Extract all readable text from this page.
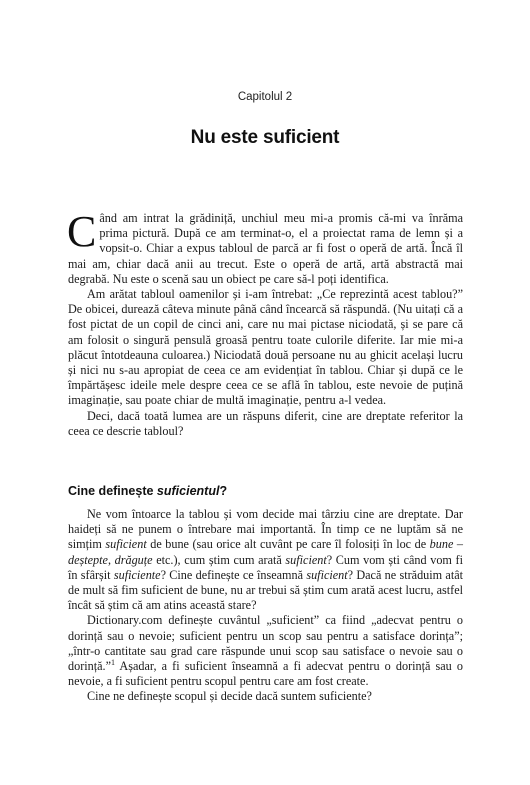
Capitolul 2
Nu este suficient

Când am intrat la grădiniță, unchiul meu mi-a promis că-mi va înrăma prima pictură. După ce am terminat-o, el a proiectat rama de lemn și a vopsit-o. Chiar a expus tabloul de parcă ar fi fost o operă de artă. Încă îl mai am, chiar dacă anii au trecut. Este o operă de artă, artă abstractă mai degrabă. Nu este o scenă sau un obiect pe care să-l poți identifica.

Am arătat tabloul oamenilor și i-am întrebat: „Ce reprezintă acest tablou?” De obicei, durează câteva minute până când încearcă să răspundă. (Nu uitați că a fost pictat de un copil de cinci ani, care nu mai pictase niciodată, și se pare că am folosit o singură pensulă groasă pentru toate culorile diferite. Iar mie mi-a plăcut întotdeauna culoarea.) Niciodată două persoane nu au ghicit același lucru și nici nu s-au apropiat de ceea ce am evidențiat în tablou. Chiar și după ce le împărtășesc ideile mele despre ceea ce se află în tablou, este nevoie de puțină imaginație, sau poate chiar de multă imaginație, pentru a-l vedea.

Deci, dacă toată lumea are un răspuns diferit, cine are dreptate referitor la ceea ce descrie tabloul?

Cine definește suficientul?

Ne vom întoarce la tablou și vom decide mai târziu cine are dreptate. Dar haideți să ne punem o întrebare mai importantă. În timp ce ne luptăm să ne simțim suficient de bune (sau orice alt cuvânt pe care îl folosiți în loc de bune – deștepte, drăguțe etc.), cum știm cum arată suficient? Cum vom ști când vom fi în sfârșit suficiente? Cine definește ce înseamnă suficient? Dacă ne străduim atât de mult să fim suficient de bune, nu ar trebui să știm cum arată acest lucru, astfel încât să știm că am atins această stare?

Dictionary.com definește cuvântul „suficient” ca fiind „adecvat pentru o dorință sau o nevoie; suficient pentru un scop sau pentru a satisface dorința”; „într-o cantitate sau grad care răspunde unui scop sau satisface o nevoie sau o dorință.”$^1$ Așadar, a fi suficient înseamnă a fi adecvat pentru o dorință sau o nevoie, a fi suficient pentru scopul pentru care am fost create.

Cine ne definește scopul și decide dacă suntem suficiente?
